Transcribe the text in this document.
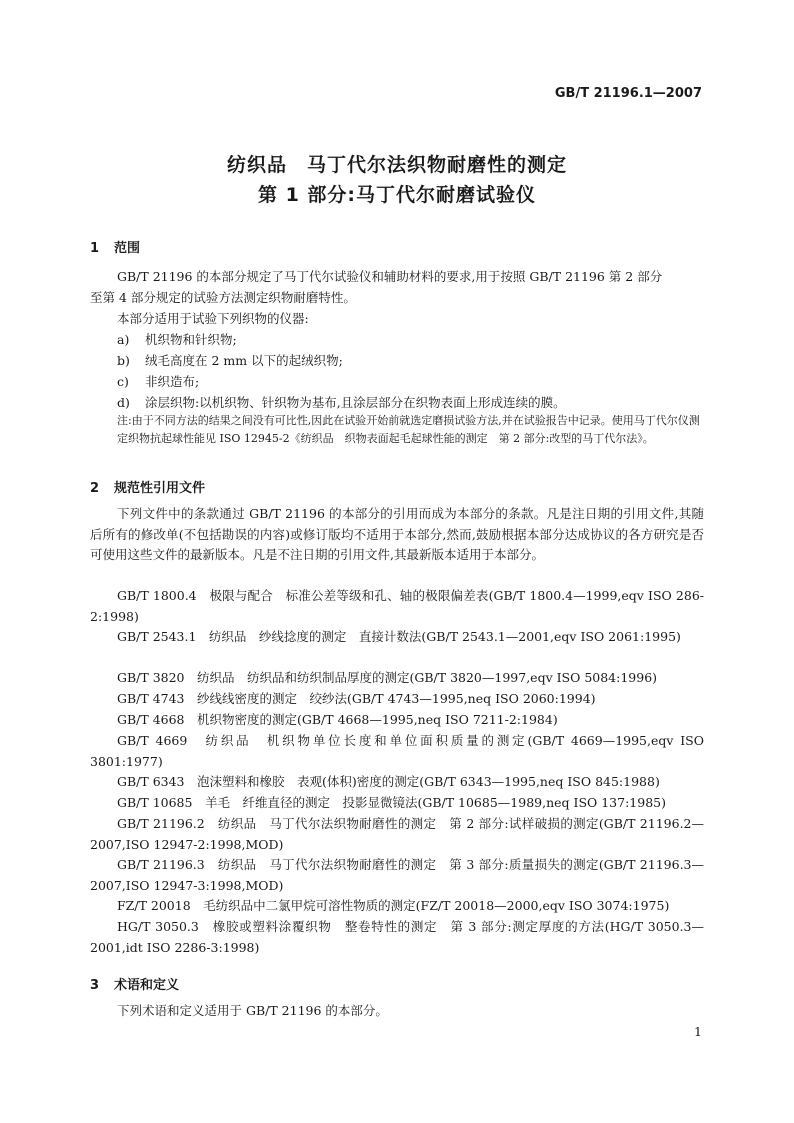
GB/T 21196.1—2007
纺织品　马丁代尔法织物耐磨性的测定
第 1 部分:马丁代尔耐磨试验仪
1 范围
GB/T 21196 的本部分规定了马丁代尔试验仪和辅助材料的要求,用于按照 GB/T 21196 第 2 部分
至第 4 部分规定的试验方法测定织物耐磨特性。
本部分适用于试验下列织物的仪器:
a) 机织物和针织物;
b) 绒毛高度在 2 mm 以下的起绒织物;
c) 非织造布;
d) 涂层织物:以机织物、针织物为基布,且涂层部分在织物表面上形成连续的膜。
注:由于不同方法的结果之间没有可比性,因此在试验开始前就选定磨损试验方法,并在试验报告中记录。使用马丁代尔仪测定织物抗起球性能见 ISO 12945-2《纺织品　织物表面起毛起球性能的测定　第 2 部分:改型的马丁代尔法》。
2 规范性引用文件
下列文件中的条款通过 GB/T 21196 的本部分的引用而成为本部分的条款。凡是注日期的引用文件,其随后所有的修改单(不包括勘误的内容)或修订版均不适用于本部分,然而,鼓励根据本部分达成协议的各方研究是否可使用这些文件的最新版本。凡是不注日期的引用文件,其最新版本适用于本部分。
GB/T 1800.4　极限与配合　标准公差等级和孔、轴的极限偏差表(GB/T 1800.4—1999,eqv ISO 286-2:1998)
GB/T 2543.1　纺织品　纱线捻度的测定　直接计数法(GB/T 2543.1—2001,eqv ISO 2061:1995)
GB/T 3820　纺织品　纺织品和纺织制品厚度的测定(GB/T 3820—1997,eqv ISO 5084:1996)
GB/T 4743　纱线线密度的测定　绞纱法(GB/T 4743—1995,neq ISO 2060:1994)
GB/T 4668　机织物密度的测定(GB/T 4668—1995,neq ISO 7211-2:1984)
GB/T 4669　纺织品　机织物单位长度和单位面积质量的测定(GB/T 4669—1995,eqv ISO 3801:1977)
GB/T 6343　泡沫塑料和橡胶　表观(体积)密度的测定(GB/T 6343—1995,neq ISO 845:1988)
GB/T 10685　羊毛　纤维直径的测定　投影显微镜法(GB/T 10685—1989,neq ISO 137:1985)
GB/T 21196.2　纺织品　马丁代尔法织物耐磨性的测定　第 2 部分:试样破损的测定(GB/T 21196.2—2007,ISO 12947-2:1998,MOD)
GB/T 21196.3　纺织品　马丁代尔法织物耐磨性的测定　第 3 部分:质量损失的测定(GB/T 21196.3—2007,ISO 12947-3:1998,MOD)
FZ/T 20018　毛纺织品中二氯甲烷可溶性物质的测定(FZ/T 20018—2000,eqv ISO 3074:1975)
HG/T 3050.3　橡胶或塑料涂覆织物　整卷特性的测定　第 3 部分:测定厚度的方法(HG/T 3050.3—2001,idt ISO 2286-3:1998)
3 术语和定义
下列术语和定义适用于 GB/T 21196 的本部分。
1
